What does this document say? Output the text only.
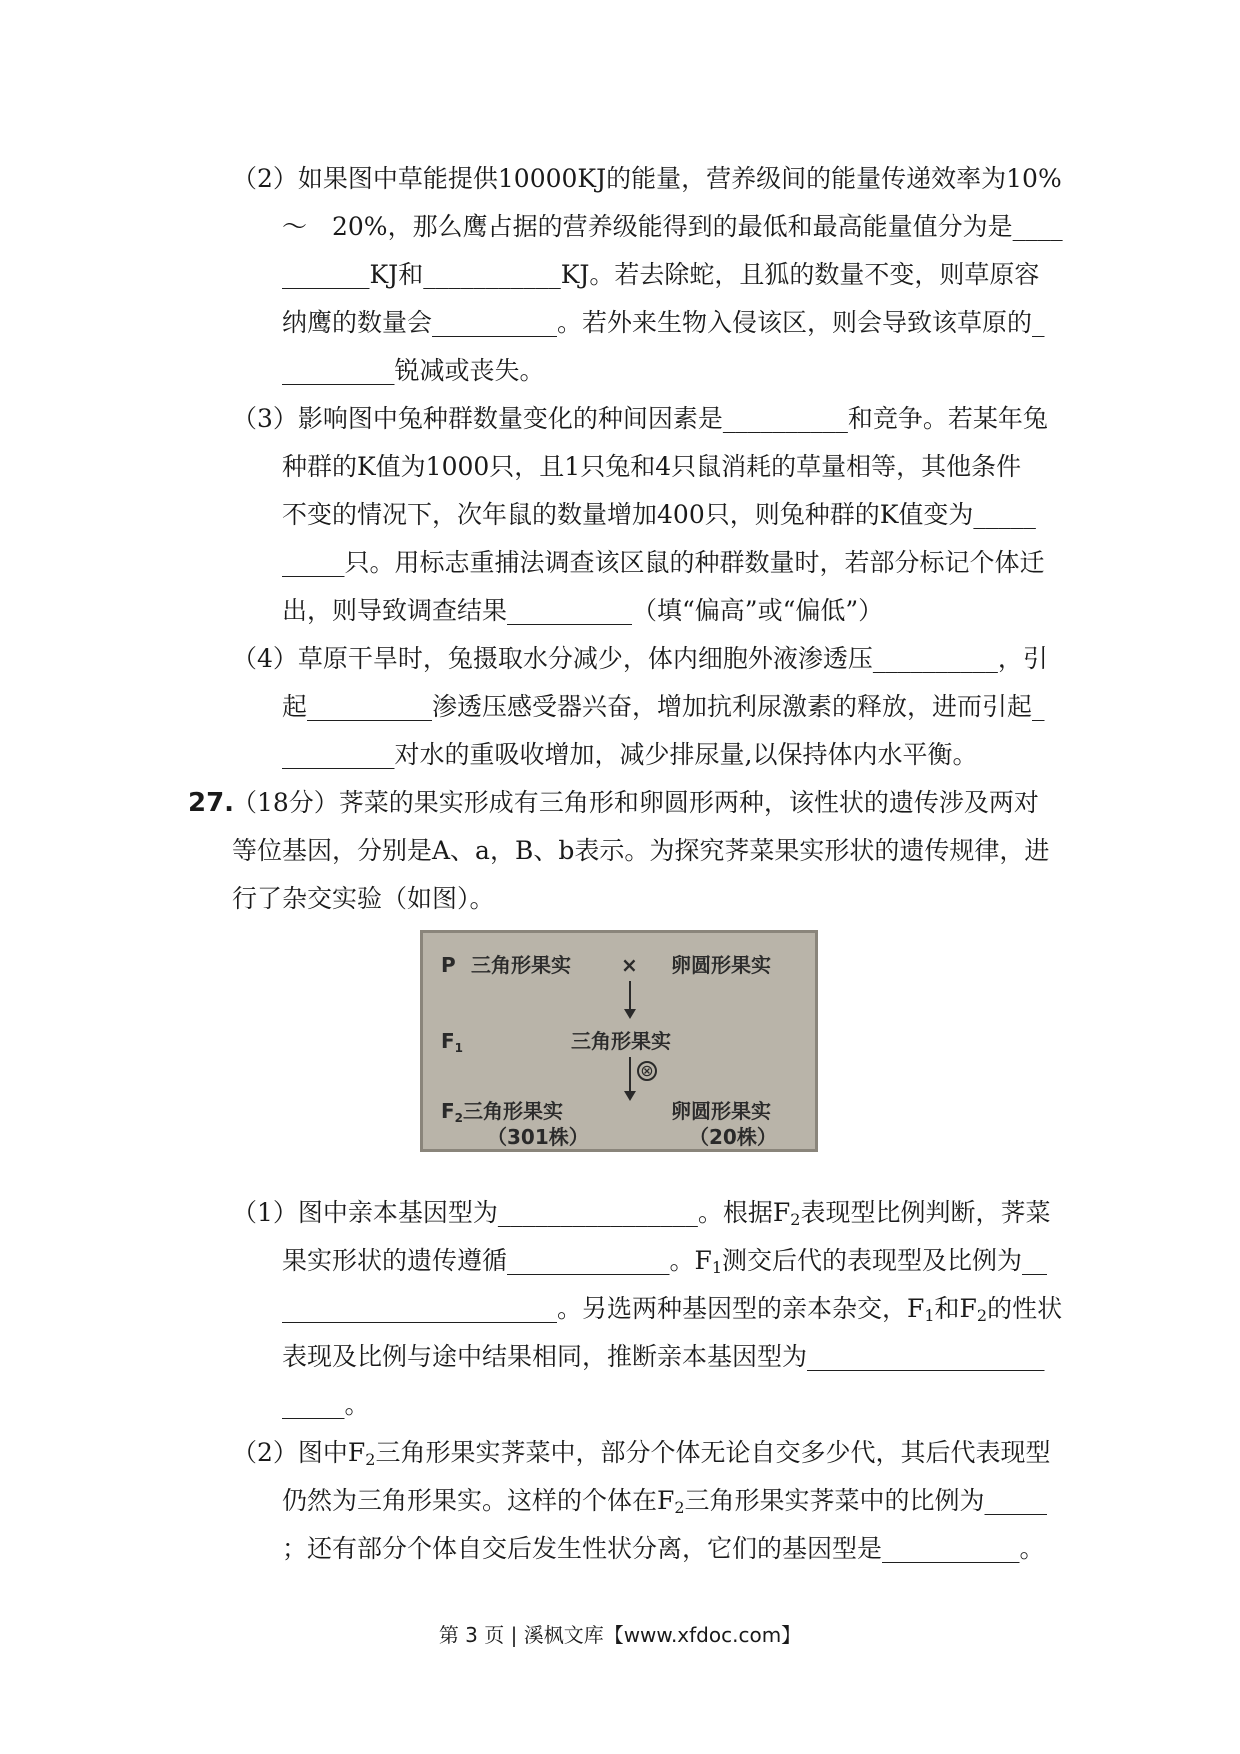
（2）如果图中草能提供10000KJ的能量，营养级间的能量传递效率为10%
～　20%，那么鹰占据的营养级能得到的最低和最高能量值分为是____
_______KJ和___________KJ。若去除蛇，且狐的数量不变，则草原容
纳鹰的数量会__________。若外来生物入侵该区，则会导致该草原的_
_________锐减或丧失。
（3）影响图中兔种群数量变化的种间因素是__________和竞争。若某年兔
种群的K值为1000只，且1只兔和4只鼠消耗的草量相等，其他条件
不变的情况下，次年鼠的数量增加400只，则兔种群的K值变为_____
_____只。用标志重捕法调查该区鼠的种群数量时，若部分标记个体迁
出，则导致调查结果__________（填“偏高”或“偏低”）
（4）草原干旱时，兔摄取水分减少，体内细胞外液渗透压__________，引
起__________渗透压感受器兴奋，增加抗利尿激素的释放，进而引起_
_________对水的重吸收增加，减少排尿量,以保持体内水平衡。
27.
（18分）荠菜的果实形成有三角形和卵圆形两种，该性状的遗传涉及两对
等位基因，分别是A、a，B、b表示。为探究荠菜果实形状的遗传规律，进
行了杂交实验（如图）。
P 三角形果实	× 卵圆形果实
$F_1$	三角形果实
⊗
$F_2$ 三角形果实	卵圆形果实
（301株）	（20株）
（1）图中亲本基因型为________________。根据$F_2$表现型比例判断，荠菜
果实形状的遗传遵循_____________。$F_1$测交后代的表现型及比例为__
______________________。另选两种基因型的亲本杂交，$F_1$和$F_2$的性状
表现及比例与途中结果相同，推断亲本基因型为___________________
_____。
（2）图中$F_2$三角形果实荠菜中，部分个体无论自交多少代，其后代表现型
仍然为三角形果实。这样的个体在$F_2$三角形果实荠菜中的比例为_____
；还有部分个体自交后发生性状分离，它们的基因型是___________。
第 3 页 | 溪枫文库【www.xfdoc.com】
